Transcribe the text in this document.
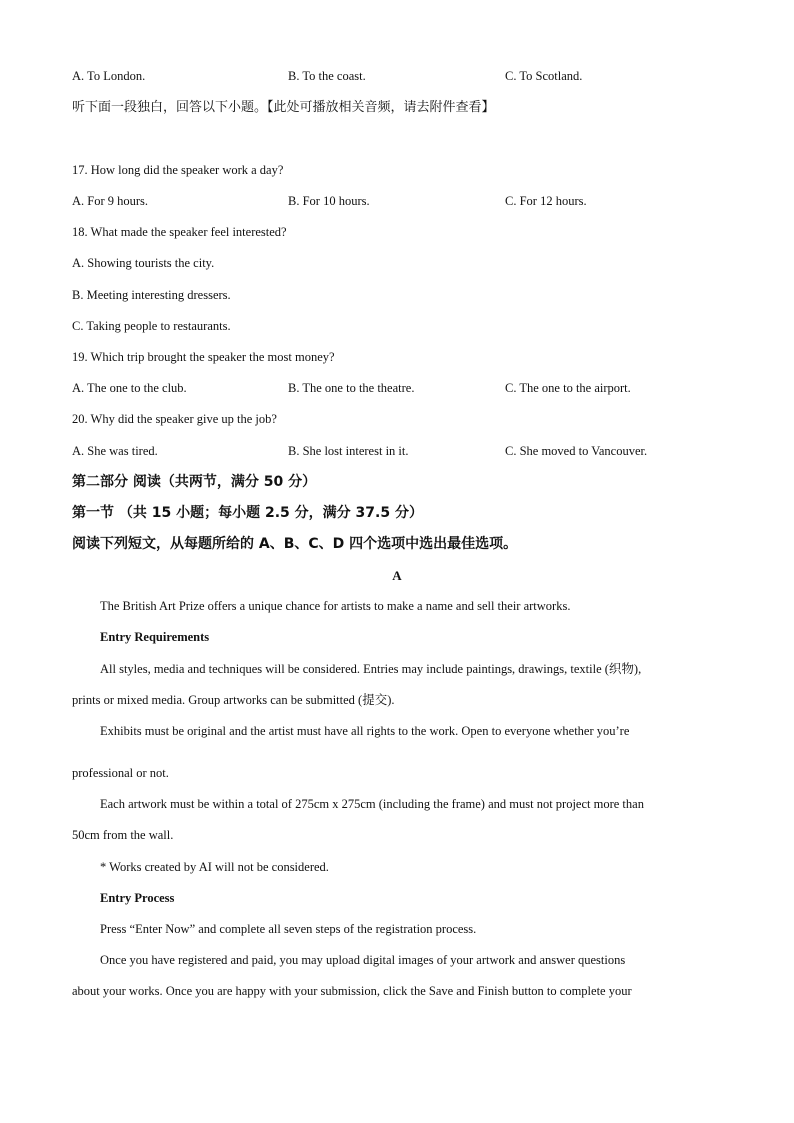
A. To London.	B. To the coast.	C. To Scotland.
听下面一段独白，回答以下小题。【此处可播放相关音频，请去附件查看】
17. How long did the speaker work a day?
A. For 9 hours.	B. For 10 hours.	C. For 12 hours.
18. What made the speaker feel interested?
A. Showing tourists the city.
B. Meeting interesting dressers.
C. Taking people to restaurants.
19. Which trip brought the speaker the most money?
A. The one to the club.	B. The one to the theatre.	C. The one to the airport.
20. Why did the speaker give up the job?
A. She was tired.	B. She lost interest in it.	C. She moved to Vancouver.
第二部分 阅读（共两节，满分 50 分）
第一节 （共 15 小题；每小题 2.5 分，满分 37.5 分）
阅读下列短文，从每题所给的 A、B、C、D 四个选项中选出最佳选项。
A
The British Art Prize offers a unique chance for artists to make a name and sell their artworks.
Entry Requirements
All styles, media and techniques will be considered. Entries may include paintings, drawings, textile (织物),
prints or mixed media. Group artworks can be submitted (提交).
Exhibits must be original and the artist must have all rights to the work. Open to everyone whether you’re
professional or not.
Each artwork must be within a total of 275cm x 275cm (including the frame) and must not project more than
50cm from the wall.
* Works created by AI will not be considered.
Entry Process
Press “Enter Now” and complete all seven steps of the registration process.
Once you have registered and paid, you may upload digital images of your artwork and answer questions
about your works. Once you are happy with your submission, click the Save and Finish button to complete your
